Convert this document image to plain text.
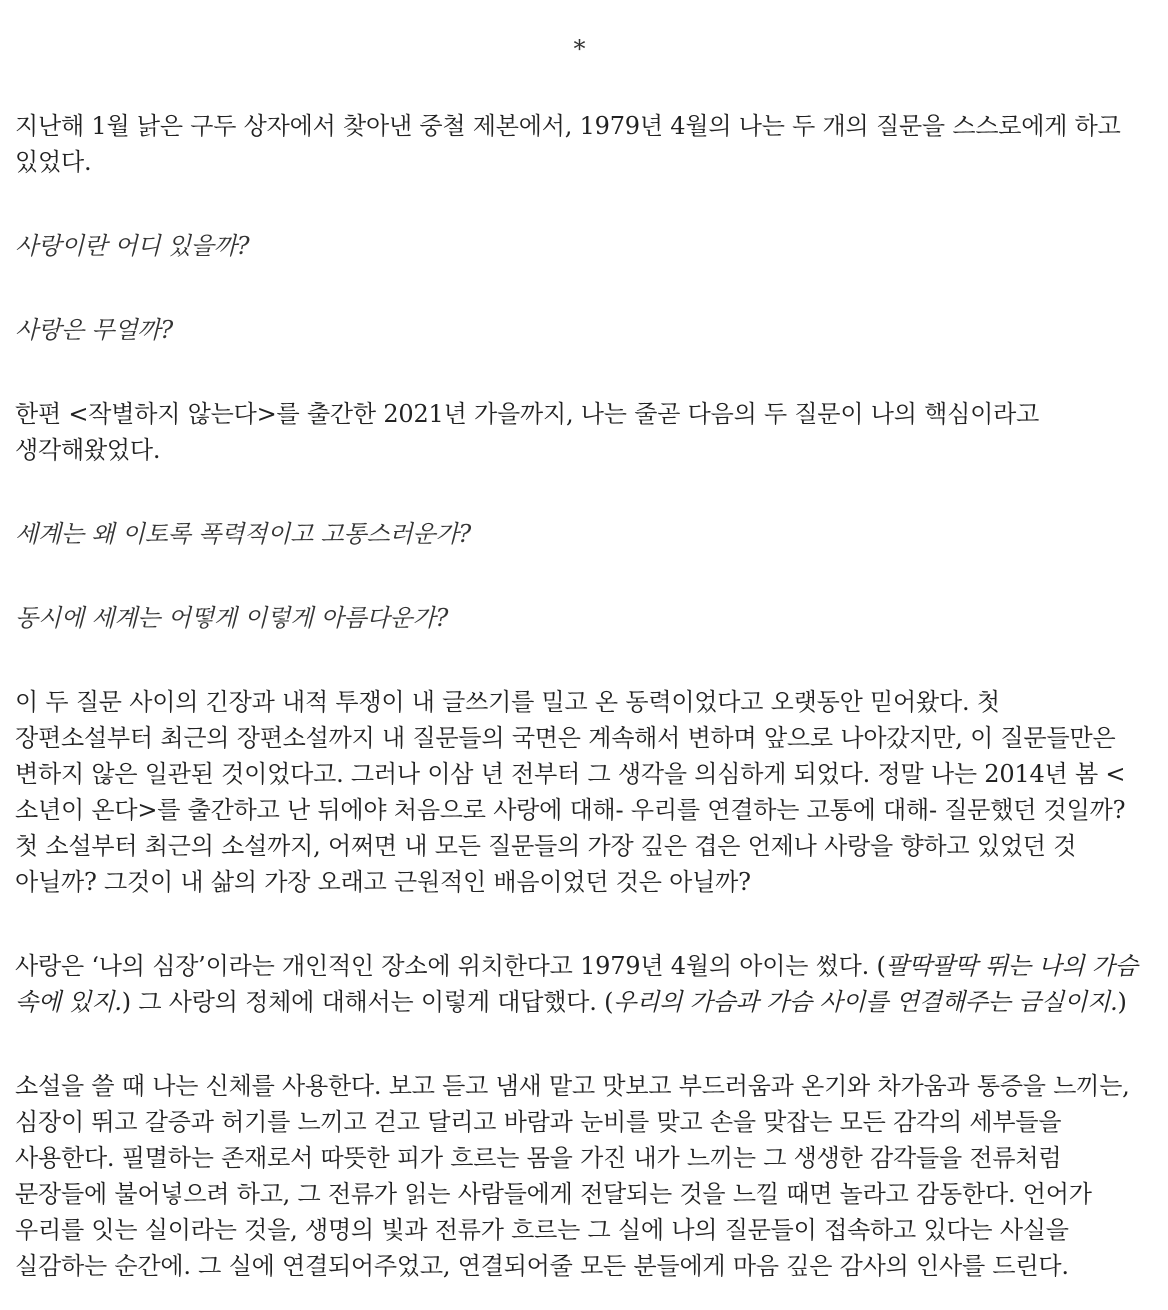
*

지난해 1월 낡은 구두 상자에서 찾아낸 중철 제본에서, 1979년 4월의 나는 두 개의 질문을 스스로에게 하고 있었다.

사랑이란 어디 있을까?

사랑은 무얼까?

한편 <작별하지 않는다>를 출간한 2021년 가을까지, 나는 줄곧 다음의 두 질문이 나의 핵심이라고 생각해왔었다.

세계는 왜 이토록 폭력적이고 고통스러운가?

동시에 세계는 어떻게 이렇게 아름다운가?

이 두 질문 사이의 긴장과 내적 투쟁이 내 글쓰기를 밀고 온 동력이었다고 오랫동안 믿어왔다. 첫 장편소설부터 최근의 장편소설까지 내 질문들의 국면은 계속해서 변하며 앞으로 나아갔지만, 이 질문들만은 변하지 않은 일관된 것이었다고. 그러나 이삼 년 전부터 그 생각을 의심하게 되었다. 정말 나는 2014년 봄 <소년이 온다>를 출간하고 난 뒤에야 처음으로 사랑에 대해- 우리를 연결하는 고통에 대해- 질문했던 것일까? 첫 소설부터 최근의 소설까지, 어쩌면 내 모든 질문들의 가장 깊은 겹은 언제나 사랑을 향하고 있었던 것 아닐까? 그것이 내 삶의 가장 오래고 근원적인 배음이었던 것은 아닐까?

사랑은 ‘나의 심장’이라는 개인적인 장소에 위치한다고 1979년 4월의 아이는 썼다. (팔딱팔딱 뛰는 나의 가슴 속에 있지.) 그 사랑의 정체에 대해서는 이렇게 대답했다. (우리의 가슴과 가슴 사이를 연결해주는 금실이지.)

소설을 쓸 때 나는 신체를 사용한다. 보고 듣고 냄새 맡고 맛보고 부드러움과 온기와 차가움과 통증을 느끼는, 심장이 뛰고 갈증과 허기를 느끼고 걷고 달리고 바람과 눈비를 맞고 손을 맞잡는 모든 감각의 세부들을 사용한다. 필멸하는 존재로서 따뜻한 피가 흐르는 몸을 가진 내가 느끼는 그 생생한 감각들을 전류처럼 문장들에 불어넣으려 하고, 그 전류가 읽는 사람들에게 전달되는 것을 느낄 때면 놀라고 감동한다. 언어가 우리를 잇는 실이라는 것을, 생명의 빛과 전류가 흐르는 그 실에 나의 질문들이 접속하고 있다는 사실을 실감하는 순간에. 그 실에 연결되어주었고, 연결되어줄 모든 분들에게 마음 깊은 감사의 인사를 드린다.
